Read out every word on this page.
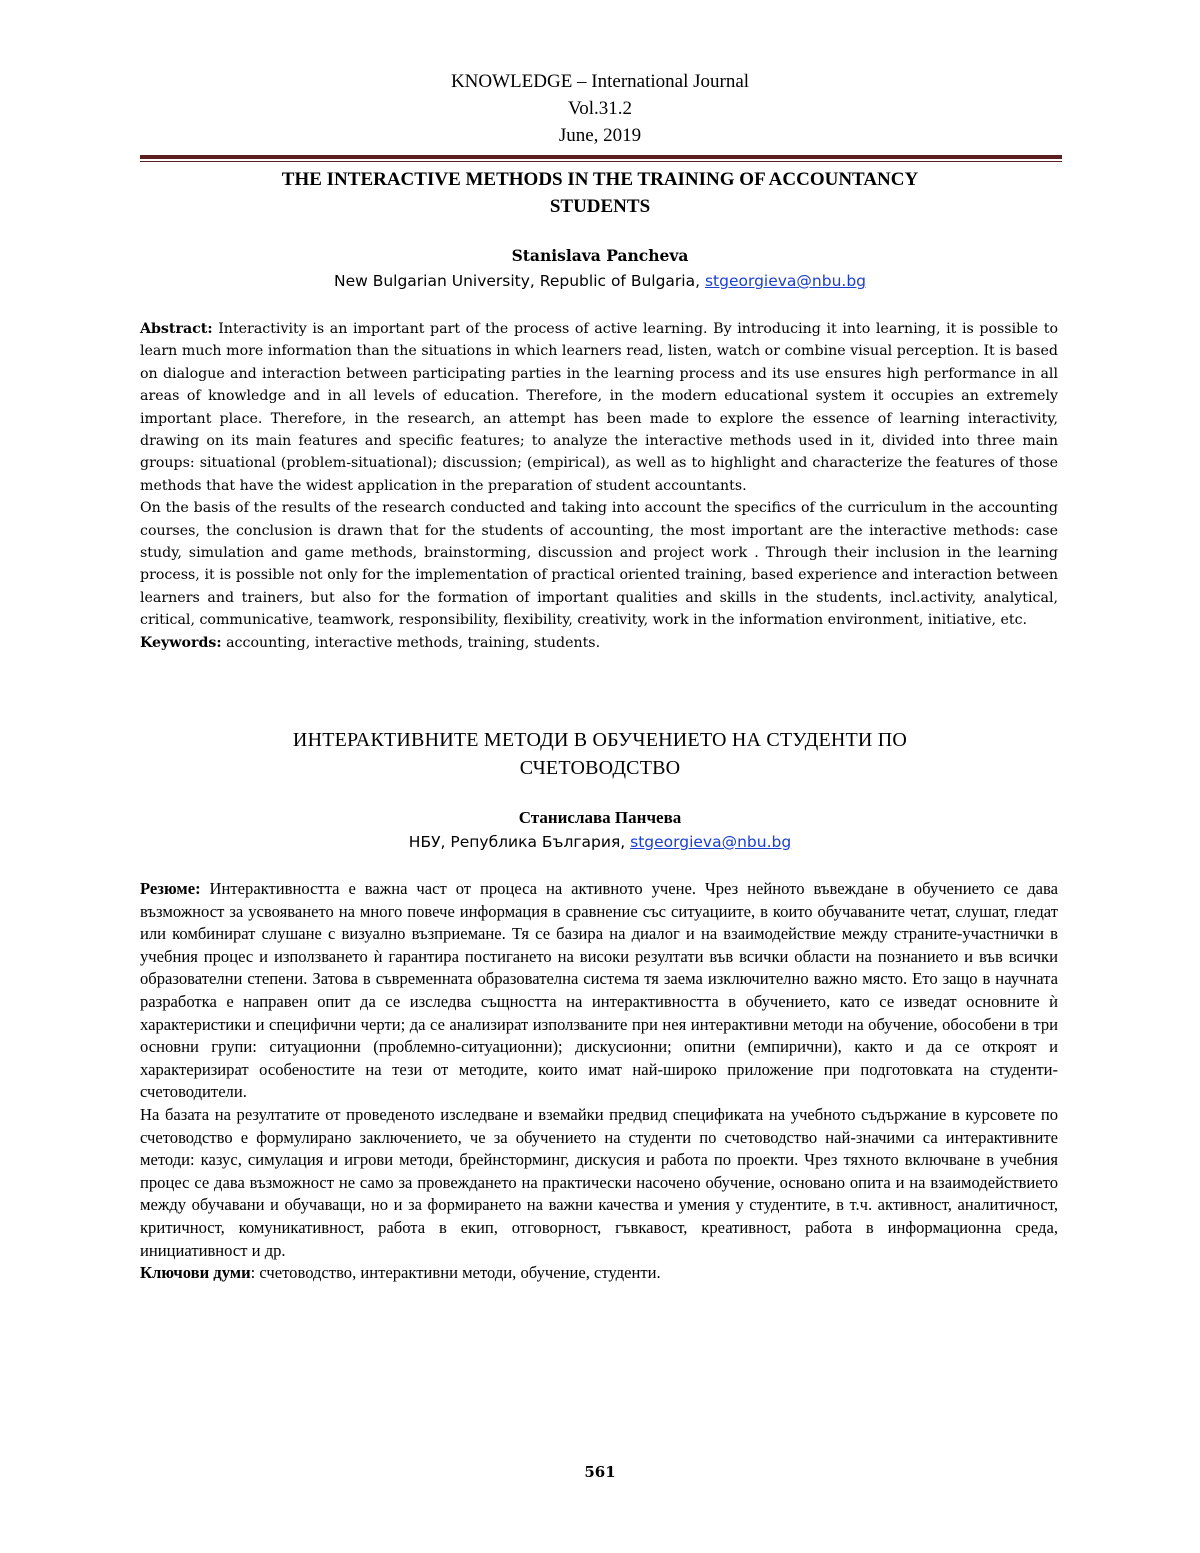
KNOWLEDGE – International Journal
Vol.31.2
June, 2019
THE INTERACTIVE METHODS IN THE TRAINING OF ACCOUNTANCY
STUDENTS
Stanislava Pancheva
New Bulgarian University, Republic of Bulgaria, stgeorgieva@nbu.bg

Abstract: Interactivity is an important part of the process of active learning. By introducing it into learning, it is possible to learn much more information than the situations in which learners read, listen, watch or combine visual perception. It is based on dialogue and interaction between participating parties in the learning process and its use ensures high performance in all areas of knowledge and in all levels of education. Therefore, in the modern educational system it occupies an extremely important place. Therefore, in the research, an attempt has been made to explore the essence of learning interactivity, drawing on its main features and specific features; to analyze the interactive methods used in it, divided into three main groups: situational (problem-situational); discussion; (empirical), as well as to highlight and characterize the features of those methods that have the widest application in the preparation of student accountants.

On the basis of the results of the research conducted and taking into account the specifics of the curriculum in the accounting courses, the conclusion is drawn that for the students of accounting, the most important are the interactive methods: case study, simulation and game methods, brainstorming, discussion and project work . Through their inclusion in the learning process, it is possible not only for the implementation of practical oriented training, based experience and interaction between learners and trainers, but also for the formation of important qualities and skills in the students, incl.activity, analytical, critical, communicative, teamwork, responsibility, flexibility, creativity, work in the information environment, initiative, etc.

Keywords: accounting, interactive methods, training, students.

ИНТЕРАКТИВНИТЕ МЕТОДИ В ОБУЧЕНИЕТО НА СТУДЕНТИ ПО
СЧЕТОВОДСТВО
Станислава Панчева
НБУ, Република България, stgeorgieva@nbu.bg

Резюме: Интерактивността е важна част от процеса на активното учене. Чрез нейното въвеждане в обучението се дава възможност за усвояването на много повече информация в сравнение със ситуациите, в които обучаваните четат, слушат, гледат или комбинират слушане с визуално възприемане. Тя се базира на диалог и на взаимодействие между страните-участнички в учебния процес и използването ѝ гарантира постигането на високи резултати във всички области на познанието и във всички образователни степени. Затова в съвременната образователна система тя заема изключително важно място. Ето защо в научната разработка е направен опит да се изследва същността на интерактивността в обучението, като се изведат основните ѝ характеристики и специфични черти; да се анализират използваните при нея интерактивни методи на обучение, обособени в три основни групи: ситуационни (проблемно-ситуационни); дискусионни; опитни (емпирични), както и да се откроят и характеризират особеностите на тези от методите, които имат най-широко приложение при подготовката на студенти-счетоводители.

На базата на резултатите от проведеното изследване и вземайки предвид спецификата на учебното съдържание в курсовете по счетоводство е формулирано заключението, че за обучението на студенти по счетоводство най-значими са интерактивните методи: казус, симулация и игрови методи, брейнсторминг, дискусия и работа по проекти. Чрез тяхното включване в учебния процес се дава възможност не само за провеждането на практически насочено обучение, основано опита и на взаимодействието между обучавани и обучаващи, но и за формирането на важни качества и умения у студентите, в т.ч. активност, аналитичност, критичност, комуникативност, работа в екип, отговорност, гъвкавост, креативност, работа в информационна среда, инициативност и др.

Ключови думи: счетоводство, интерактивни методи, обучение, студенти.

561
